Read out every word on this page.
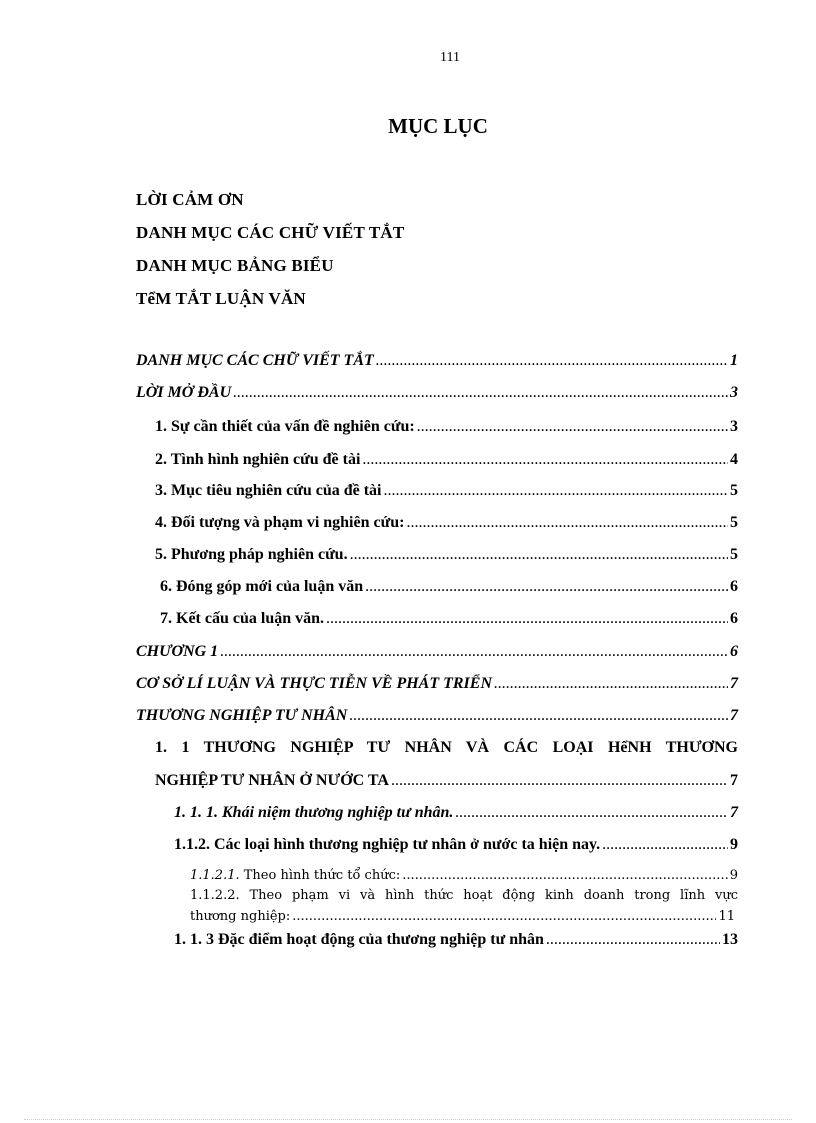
111
MỤC LỤC
LỜI CẢM ƠN
DANH MỤC CÁC CHỮ VIẾT TẮT
DANH MỤC BẢNG BIỂU
TểM TẮT LUẬN VĂN
DANH MỤC CÁC CHỮ VIẾT TẮT .....	1
LỜI MỞ ĐẦU .....	3
1. Sự cần thiết của vấn đề nghiên cứu: .....	3
2. Tình hình nghiên cứu đề tài .....	4
3. Mục tiêu nghiên cứu của đề tài .....	5
4. Đối tượng và phạm vi nghiên cứu: .....	5
5. Phương pháp nghiên cứu. .....	5
6. Đóng góp mới của luận văn .....	6
7. Kết cấu của luận văn. .....	6
CHƯƠNG 1 .....	6
CƠ SỞ LÍ LUẬN VÀ THỰC TIỄN VỀ PHÁT TRIỂN .....	7
THƯƠNG NGHIỆP TƯ NHÂN .....	7
1. 1 THƯƠNG NGHIỆP TƯ NHÂN VÀ CÁC LOẠI HểNH THƯƠNG
NGHIỆP TƯ NHÂN Ở NƯỚC TA .....	7
1. 1. 1. Khái niệm thương nghiệp tư nhân. .....	7
1.1.2. Các loại hình thương nghiệp tư nhân ở nước ta hiện nay. .....	9
1.1.2.1. Theo hình thức tổ chức: .....	9
1.1.2.2. Theo phạm vi và hình thức hoạt động kinh doanh trong lĩnh vực
thương nghiệp: .....	11
1. 1. 3 Đặc điểm hoạt động của thương nghiệp tư nhân .....	13
